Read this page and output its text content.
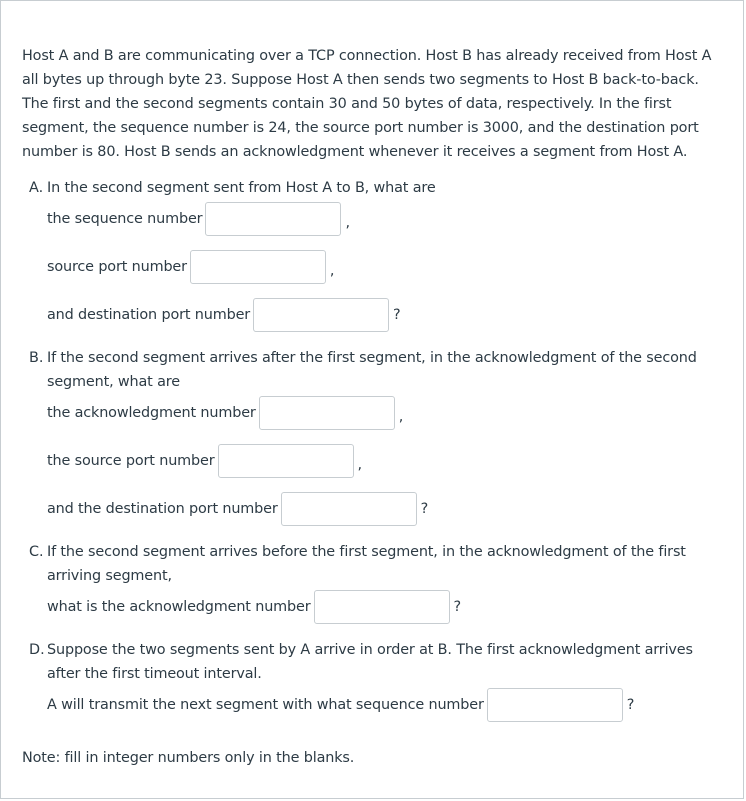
Host A and B are communicating over a TCP connection. Host B has already received from Host A all bytes up through byte 23. Suppose Host A then sends two segments to Host B back-to-back. The first and the second segments contain 30 and 50 bytes of data, respectively. In the first segment, the sequence number is 24, the source port number is 3000, and the destination port number is 80. Host B sends an acknowledgment whenever it receives a segment from Host A.

A. In the second segment sent from Host A to B, what are
the sequence number	,
source port number	,
and destination port number	?
B. If the second segment arrives after the first segment, in the acknowledgment of the second segment, what are
the acknowledgment number	,
the source port number	,
and the destination port number	?
C. If the second segment arrives before the first segment, in the acknowledgment of the first arriving segment,
what is the acknowledgment number	?
D. Suppose the two segments sent by A arrive in order at B. The first acknowledgment arrives after the first timeout interval.
A will transmit the next segment with what sequence number	?
Note: fill in integer numbers only in the blanks.
